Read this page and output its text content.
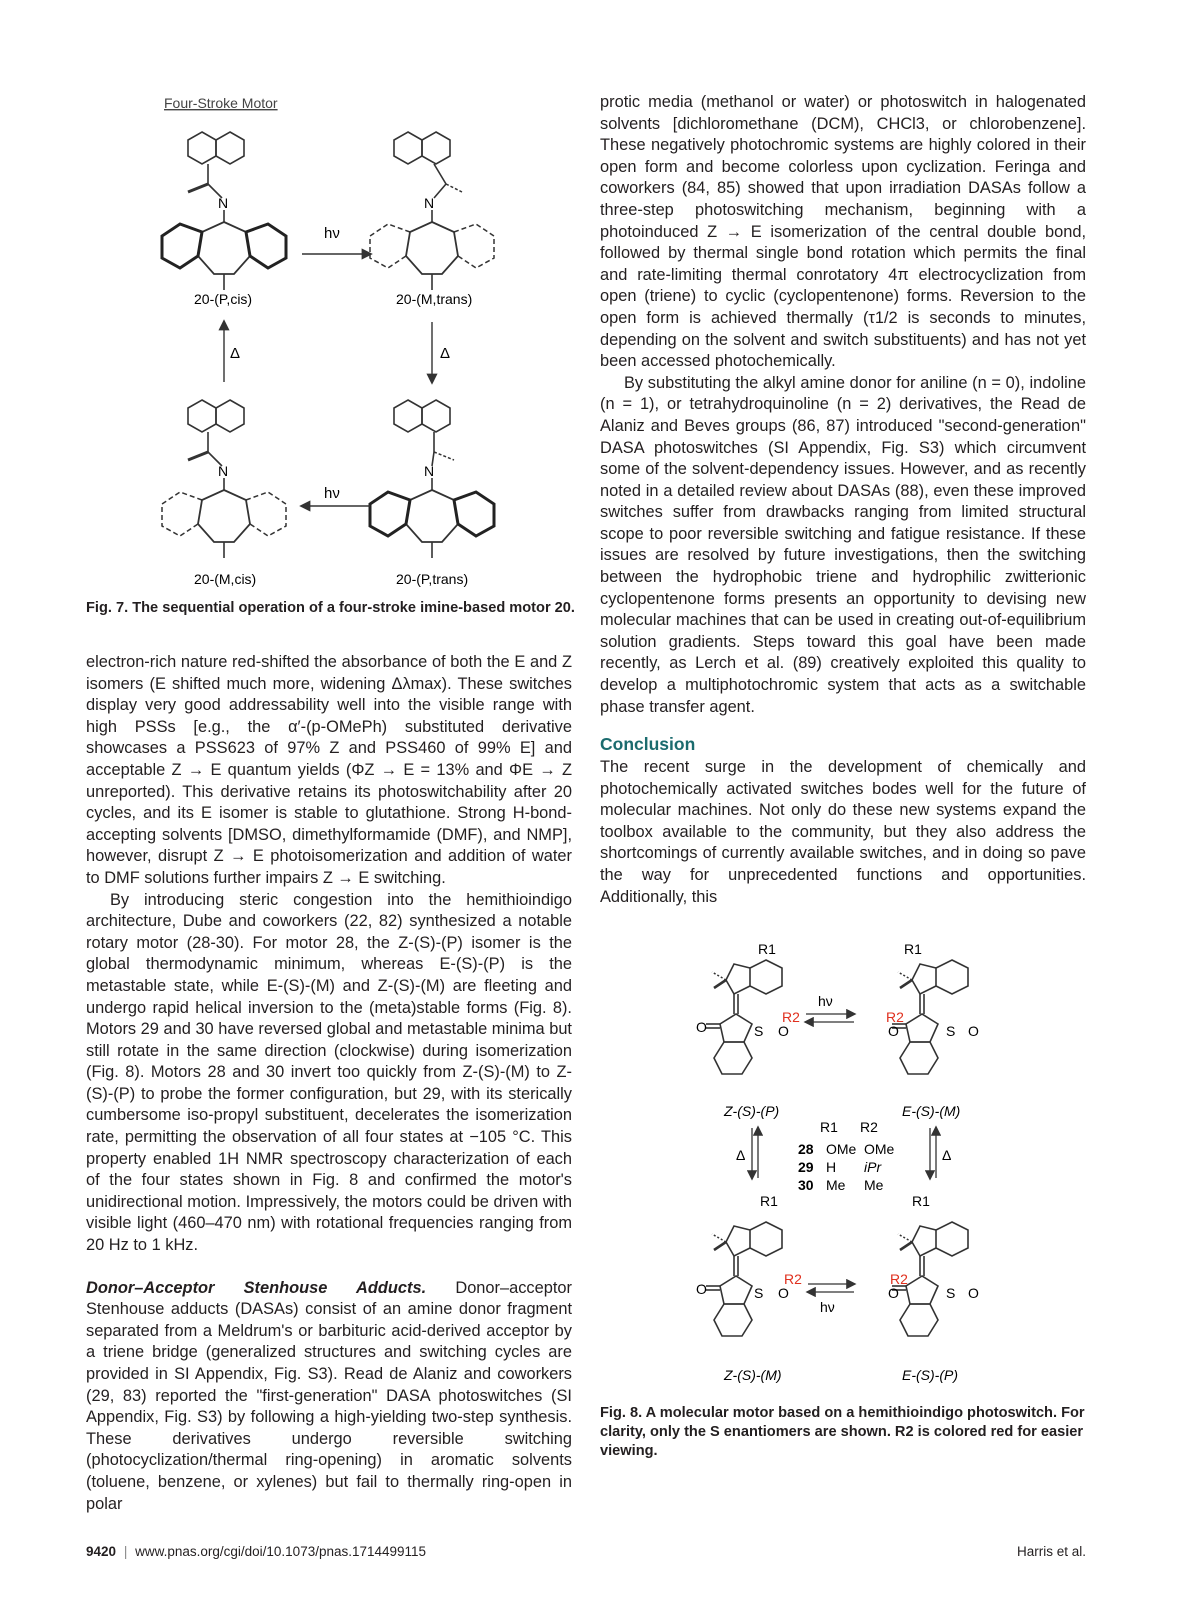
Four-Stroke Motor
N
20-(P,cis)
N
20-(M,trans)
hν
Δ
Δ
N
20-(M,cis)
N
20-(P,trans)
hν
Fig. 7. The sequential operation of a four-stroke imine-based motor 20.

electron-rich nature red-shifted the absorbance of both the E and Z isomers (E shifted much more, widening Δλmax). These switches display very good addressability well into the visible range with high PSSs [e.g., the α′-(p-OMePh) substituted derivative showcases a PSS623 of 97% Z and PSS460 of 99% E] and acceptable Z → E quantum yields (ΦZ → E = 13% and ΦE → Z unreported). This derivative retains its photoswitchability after 20 cycles, and its E isomer is stable to glutathione. Strong H-bond-accepting solvents [DMSO, dimethylformamide (DMF), and NMP], however, disrupt Z → E photoisomerization and addition of water to DMF solutions further impairs Z → E switching.

By introducing steric congestion into the hemithioindigo architecture, Dube and coworkers (22, 82) synthesized a notable rotary motor (28-30). For motor 28, the Z-(S)-(P) isomer is the global thermodynamic minimum, whereas E-(S)-(P) is the metastable state, while E-(S)-(M) and Z-(S)-(M) are fleeting and undergo rapid helical inversion to the (meta)stable forms (Fig. 8). Motors 29 and 30 have reversed global and metastable minima but still rotate in the same direction (clockwise) during isomerization (Fig. 8). Motors 28 and 30 invert too quickly from Z-(S)-(M) to Z-(S)-(P) to probe the former configuration, but 29, with its sterically cumbersome iso-propyl substituent, decelerates the isomerization rate, permitting the observation of all four states at −105 °C. This property enabled 1H NMR spectroscopy characterization of each of the four states shown in Fig. 8 and confirmed the motor's unidirectional motion. Impressively, the motors could be driven with visible light (460–470 nm) with rotational frequencies ranging from 20 Hz to 1 kHz.

Donor–Acceptor Stenhouse Adducts. Donor–acceptor Stenhouse adducts (DASAs) consist of an amine donor fragment separated from a Meldrum's or barbituric acid-derived acceptor by a triene bridge (generalized structures and switching cycles are provided in SI Appendix, Fig. S3). Read de Alaniz and coworkers (29, 83) reported the "first-generation" DASA photoswitches (SI Appendix, Fig. S3) by following a high-yielding two-step synthesis. These derivatives undergo reversible switching (photocyclization/thermal ring-opening) in aromatic solvents (toluene, benzene, or xylenes) but fail to thermally ring-open in polar

protic media (methanol or water) or photoswitch in halogenated solvents [dichloromethane (DCM), CHCl3, or chlorobenzene]. These negatively photochromic systems are highly colored in their open form and become colorless upon cyclization. Feringa and coworkers (84, 85) showed that upon irradiation DASAs follow a three-step photoswitching mechanism, beginning with a photoinduced Z → E isomerization of the central double bond, followed by thermal single bond rotation which permits the final and rate-limiting thermal conrotatory 4π electrocyclization from open (triene) to cyclic (cyclopentenone) forms. Reversion to the open form is achieved thermally (τ1/2 is seconds to minutes, depending on the solvent and switch substituents) and has not yet been accessed photochemically.

By substituting the alkyl amine donor for aniline (n = 0), indoline (n = 1), or tetrahydroquinoline (n = 2) derivatives, the Read de Alaniz and Beves groups (86, 87) introduced "second-generation" DASA photoswitches (SI Appendix, Fig. S3) which circumvent some of the solvent-dependency issues. However, and as recently noted in a detailed review about DASAs (88), even these improved switches suffer from drawbacks ranging from limited structural scope to poor reversible switching and fatigue resistance. If these issues are resolved by future investigations, then the switching between the hydrophobic triene and hydrophilic zwitterionic cyclopentenone forms presents an opportunity to devising new molecular machines that can be used in creating out-of-equilibrium solution gradients. Steps toward this goal have been made recently, as Lerch et al. (89) creatively exploited this quality to develop a multiphotochromic system that acts as a switchable phase transfer agent.

Conclusion

The recent surge in the development of chemically and photochemically activated switches bodes well for the future of molecular machines. Not only do these new systems expand the toolbox available to the community, but they also address the shortcomings of currently available switches, and in doing so pave the way for unprecedented functions and opportunities. Additionally, this

R1
R2
O	S O
Z-(S)-(P)
R1
R2
O	S O
E-(S)-(M)
hν
Δ	Δ
R1 R2
28 OMe OMe
29 H iPr
30 Me Me
R1
R2
O	S O
Z-(S)-(M)
R1
R2
O	S O
E-(S)-(P)
hν
Fig. 8. A molecular motor based on a hemithioindigo photoswitch. For clarity, only the S enantiomers are shown. R2 is colored red for easier viewing.
9420 | www.pnas.org/cgi/doi/10.1073/pnas.1714499115	Harris et al.
